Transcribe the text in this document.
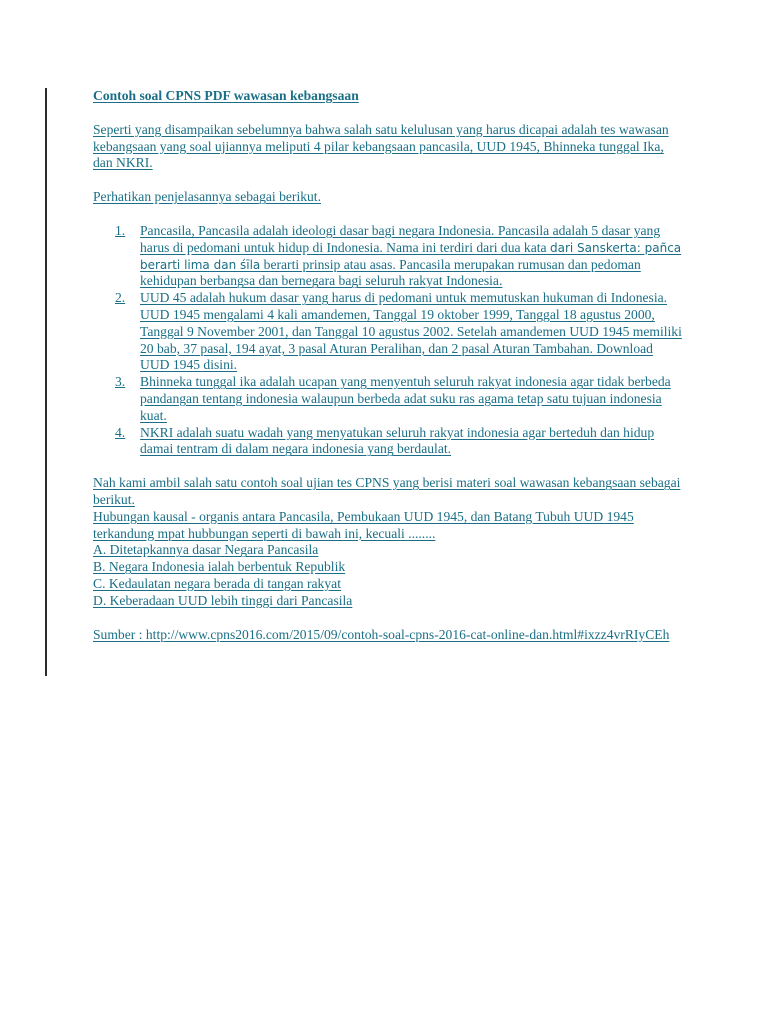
Contoh soal CPNS PDF wawasan kebangsaan

Seperti yang disampaikan sebelumnya bahwa salah satu kelulusan yang harus dicapai adalah tes wawasan kebangsaan yang soal ujiannya meliputi 4 pilar kebangsaan pancasila, UUD 1945, Bhinneka tunggal Ika, dan NKRI.

Perhatikan penjelasannya sebagai berikut.

1. Pancasila, Pancasila adalah ideologi dasar bagi negara Indonesia. Pancasila adalah 5 dasar yang harus di pedomani untuk hidup di Indonesia. Nama ini terdiri dari dua kata dari Sanskerta: pañca berarti lima dan śīla berarti prinsip atau asas. Pancasila merupakan rumusan dan pedoman kehidupan berbangsa dan bernegara bagi seluruh rakyat Indonesia.
2. UUD 45 adalah hukum dasar yang harus di pedomani untuk memutuskan hukuman di Indonesia. UUD 1945 mengalami 4 kali amandemen, Tanggal 19 oktober 1999, Tanggal 18 agustus 2000, Tanggal 9 November 2001, dan Tanggal 10 agustus 2002. Setelah amandemen UUD 1945 memiliki 20 bab, 37 pasal, 194 ayat, 3 pasal Aturan Peralihan, dan 2 pasal Aturan Tambahan. Download UUD 1945 disini.
3. Bhinneka tunggal ika adalah ucapan yang menyentuh seluruh rakyat indonesia agar tidak berbeda pandangan tentang indonesia walaupun berbeda adat suku ras agama tetap satu tujuan indonesia kuat.
4. NKRI adalah suatu wadah yang menyatukan seluruh rakyat indonesia agar berteduh dan hidup damai tentram di dalam negara indonesia yang berdaulat.

Nah kami ambil salah satu contoh soal ujian tes CPNS yang berisi materi soal wawasan kebangsaan sebagai berikut.

Hubungan kausal - organis antara Pancasila, Pembukaan UUD 1945, dan Batang Tubuh UUD 1945 terkandung mpat hubbungan seperti di bawah ini, kecuali ........

A. Ditetapkannya dasar Negara Pancasila

B. Negara Indonesia ialah berbentuk Republik

C. Kedaulatan negara berada di tangan rakyat

D. Keberadaan UUD lebih tinggi dari Pancasila

Sumber : http://www.cpns2016.com/2015/09/contoh-soal-cpns-2016-cat-online-dan.html#ixzz4vrRIyCEh
